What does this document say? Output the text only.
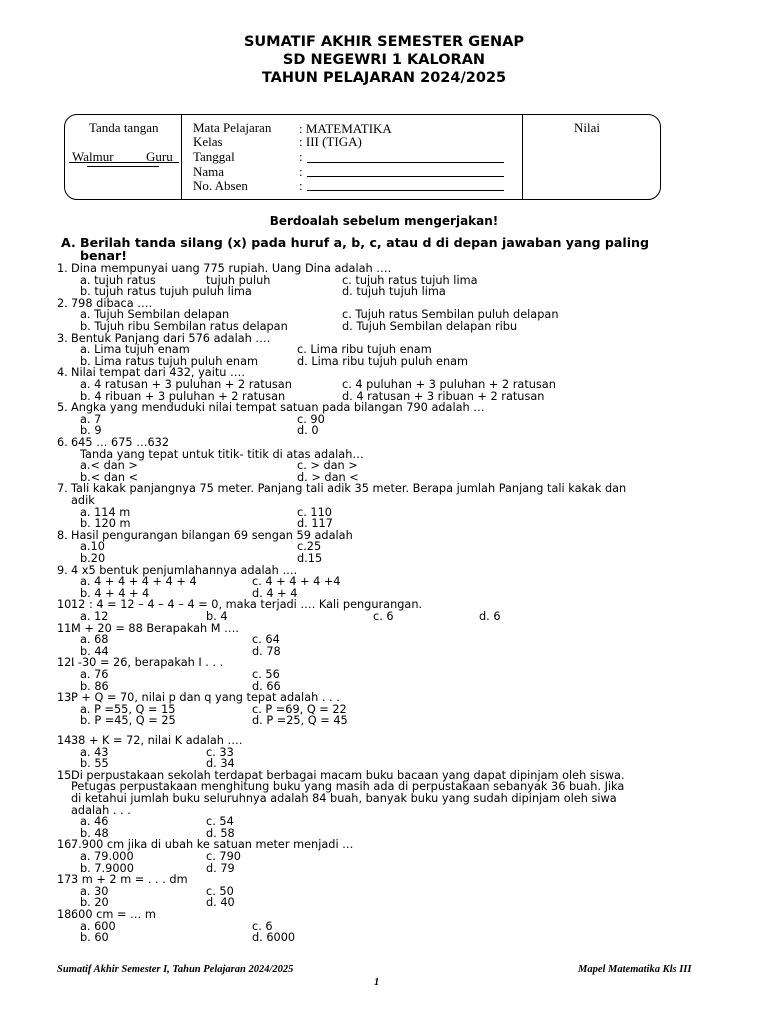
SUMATIF AKHIR SEMESTER GENAP
SD NEGEWRI 1 KALORAN
TAHUN PELAJARAN 2024/2025
Tanda tangan
Walmur Guru
Mata Pelajaran : MATEMATIKA
Kelas	: III (TIGA)
Tanggal	:
Nama	:
No. Absen	:
Nilai
Berdoalah sebelum mengerjakan!
A. Berilah tanda silang (x) pada huruf a, b, c, atau d di depan jawaban yang paling
benar!
1. Dina mempunyai uang 775 rupiah. Uang Dina adalah ….
a. tujuh ratus	tujuh puluh	c. tujuh ratus tujuh lima
b. tujuh ratus tujuh puluh lima	d. tujuh tujuh lima
2. 798 dibaca ….
a. Tujuh Sembilan delapan	c. Tujuh ratus Sembilan puluh delapan
b. Tujuh ribu Sembilan ratus delapan	d. Tujuh Sembilan delapan ribu
3. Bentuk Panjang dari 576 adalah ….
a. Lima tujuh enam	c. Lima ribu tujuh enam
b. Lima ratus tujuh puluh enam	d. Lima ribu tujuh puluh enam
4. Nilai tempat dari 432, yaitu ….
a. 4 ratusan + 3 puluhan + 2 ratusan	c. 4 puluhan + 3 puluhan + 2 ratusan
b. 4 ribuan + 3 puluhan + 2 ratusan	d. 4 ratusan + 3 ribuan + 2 ratusan
5. Angka yang menduduki nilai tempat satuan pada bilangan 790 adalah …
a. 7	c. 90
b. 9	d. 0
6. 645 … 675 …632
Tanda yang tepat untuk titik- titik di atas adalah…
a.< dan >	c. > dan >
b.< dan <	d. > dan <
7. Tali kakak panjangnya 75 meter. Panjang tali adik 35 meter. Berapa jumlah Panjang tali kakak dan
adik
a. 114 m	c. 110
b. 120 m	d. 117
8. Hasil pengurangan bilangan 69 sengan 59 adalah
a.10	c.25
b.20	d.15
9. 4 x5 bentuk penjumlahannya adalah ….
a. 4 + 4 + 4 + 4 + 4	c. 4 + 4 + 4 +4
b. 4 + 4 + 4	d. 4 + 4
10.
12 : 4 = 12 – 4 – 4 – 4 = 0, maka terjadi …. Kali pengurangan.
a. 12	b. 4	c. 6	d. 6
11.
M + 20 = 88 Berapakah M ….
a. 68	c. 64
b. 44	d. 78
12.
I -30 = 26, berapakah I . . .
a. 76	c. 56
b. 86	d. 66
13.
P + Q = 70, nilai p dan q yang tepat adalah . . .
a. P =55, Q = 15	c. P =69, Q = 22
b. P =45, Q = 25	d. P =25, Q = 45
14.
38 + K = 72, nilai K adalah ….
a. 43	c. 33
b. 55	d. 34
15.
Di perpustakaan sekolah terdapat berbagai macam buku bacaan yang dapat dipinjam oleh siswa.
Petugas perpustakaan menghitung buku yang masih ada di perpustakaan sebanyak 36 buah. Jika
di ketahui jumlah buku seluruhnya adalah 84 buah, banyak buku yang sudah dipinjam oleh siwa
adalah . . .
a. 46	c. 54
b. 48	d. 58
16.
7.900 cm jika di ubah ke satuan meter menjadi …
a. 79.000	c. 790
b. 7.9000	d. 79
17.
3 m + 2 m = . . . dm
a. 30	c. 50
b. 20	d. 40
18.
600 cm = … m
a. 600	c. 6
b. 60	d. 6000
Sumatif Akhir Semester I, Tahun Pelajaran 2024/2025	Mapel Matematika Kls III
1
